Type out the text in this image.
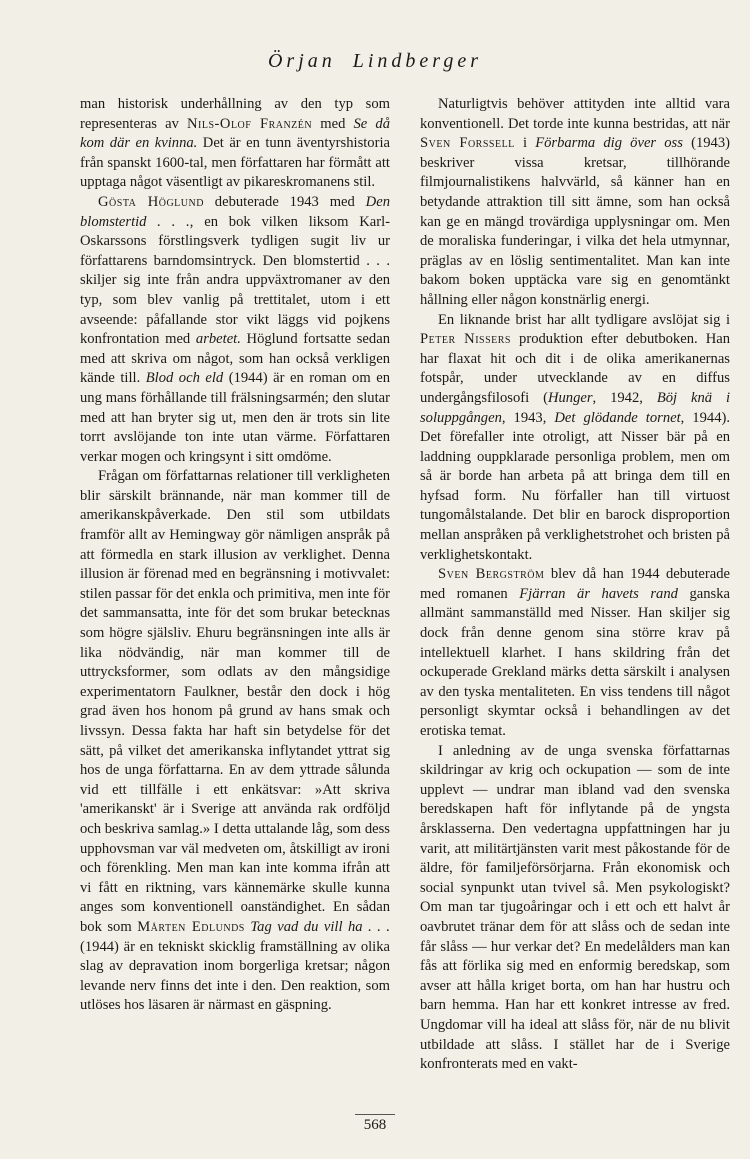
Örjan Lindberger

man historisk underhållning av den typ som representeras av Nils-Olof Franzén med Se då kom där en kvinna. Det är en tunn äventyrshistoria från spanskt 1600-tal, men författaren har förmått att upptaga något väsentligt av pikareskromanens stil.

Gösta Höglund debuterade 1943 med Den blomstertid . . ., en bok vilken liksom Karl-Oskarssons förstlingsverk tydligen sugit liv ur författarens barndomsintryck. Den blomstertid . . . skiljer sig inte från andra uppväxtromaner av den typ, som blev vanlig på trettitalet, utom i ett avseende: påfallande stor vikt läggs vid pojkens konfrontation med arbetet. Höglund fortsatte sedan med att skriva om något, som han också verkligen kände till. Blod och eld (1944) är en roman om en ung mans förhållande till frälsningsarmén; den slutar med att han bryter sig ut, men den är trots sin lite torrt avslöjande ton inte utan värme. Författaren verkar mogen och kringsynt i sitt omdöme.

Frågan om författarnas relationer till verkligheten blir särskilt brännande, när man kommer till de amerikanskpåverkade. Den stil som utbildats framför allt av Hemingway gör nämligen anspråk på att förmedla en stark illusion av verklighet. Denna illusion är förenad med en begränsning i motivvalet: stilen passar för det enkla och primitiva, men inte för det sammansatta, inte för det som brukar betecknas som högre själsliv. Ehuru begränsningen inte alls är lika nödvändig, när man kommer till de uttrycksformer, som odlats av den mångsidige experimentatorn Faulkner, består den dock i hög grad även hos honom på grund av hans smak och livssyn. Dessa fakta har haft sin betydelse för det sätt, på vilket det amerikanska inflytandet yttrat sig hos de unga författarna. En av dem yttrade sålunda vid ett tillfälle i ett enkätsvar: »Att skriva 'amerikanskt' är i Sverige att använda rak ordföljd och beskriva samlag.» I detta uttalande låg, som dess upphovsman var väl medveten om, åtskilligt av ironi och förenkling. Men man kan inte komma ifrån att vi fått en riktning, vars kännemärke skulle kunna anges som konventionell oanständighet. En sådan bok som Mårten Edlunds Tag vad du vill ha . . . (1944) är en tekniskt skicklig framställning av olika slag av depravation inom borgerliga kretsar; någon levande nerv finns det inte i den. Den reaktion, som utlöses hos läsaren är närmast en gäspning.

Naturligtvis behöver attityden inte alltid vara konventionell. Det torde inte kunna bestridas, att när Sven Forssell i Förbarma dig över oss (1943) beskriver vissa kretsar, tillhörande filmjournalistikens halvvärld, så känner han en betydande attraktion till sitt ämne, som han också kan ge en mängd trovärdiga upplysningar om. Men de moraliska funderingar, i vilka det hela utmynnar, präglas av en löslig sentimentalitet. Man kan inte bakom boken upptäcka vare sig en genomtänkt hållning eller någon konstnärlig energi.

En liknande brist har allt tydligare avslöjat sig i Peter Nissers produktion efter debutboken. Han har flaxat hit och dit i de olika amerikanernas fotspår, under utvecklande av en diffus undergångsfilosofi (Hunger, 1942, Böj knä i soluppgången, 1943, Det glödande tornet, 1944). Det förefaller inte otroligt, att Nisser bär på en laddning ouppklarade personliga problem, men om så är borde han arbeta på att bringa dem till en hyfsad form. Nu förfaller han till virtuost tungomålstalande. Det blir en barock disproportion mellan anspråken på verklighetstrohet och bristen på verklighetskontakt.

Sven Bergström blev då han 1944 debuterade med romanen Fjärran är havets rand ganska allmänt sammanställd med Nisser. Han skiljer sig dock från denne genom sina större krav på intellektuell klarhet. I hans skildring från det ockuperade Grekland märks detta särskilt i analysen av den tyska mentaliteten. En viss tendens till något personligt skymtar också i behandlingen av det erotiska temat.

I anledning av de unga svenska författarnas skildringar av krig och ockupation — som de inte upplevt — undrar man ibland vad den svenska beredskapen haft för inflytande på de yngsta årsklasserna. Den vedertagna uppfattningen har ju varit, att militärtjänsten varit mest påkostande för de äldre, för familjeförsörjarna. Från ekonomisk och social synpunkt utan tvivel så. Men psykologiskt? Om man tar tjugoåringar och i ett och ett halvt år oavbrutet tränar dem för att slåss och de sedan inte får slåss — hur verkar det? En medelålders man kan fås att förlika sig med en enformig beredskap, som avser att hålla kriget borta, om han har hustru och barn hemma. Han har ett konkret intresse av fred. Ungdomar vill ha ideal att slåss för, när de nu blivit utbildade att slåss. I stället har de i Sverige konfronterats med en vakt-

568
